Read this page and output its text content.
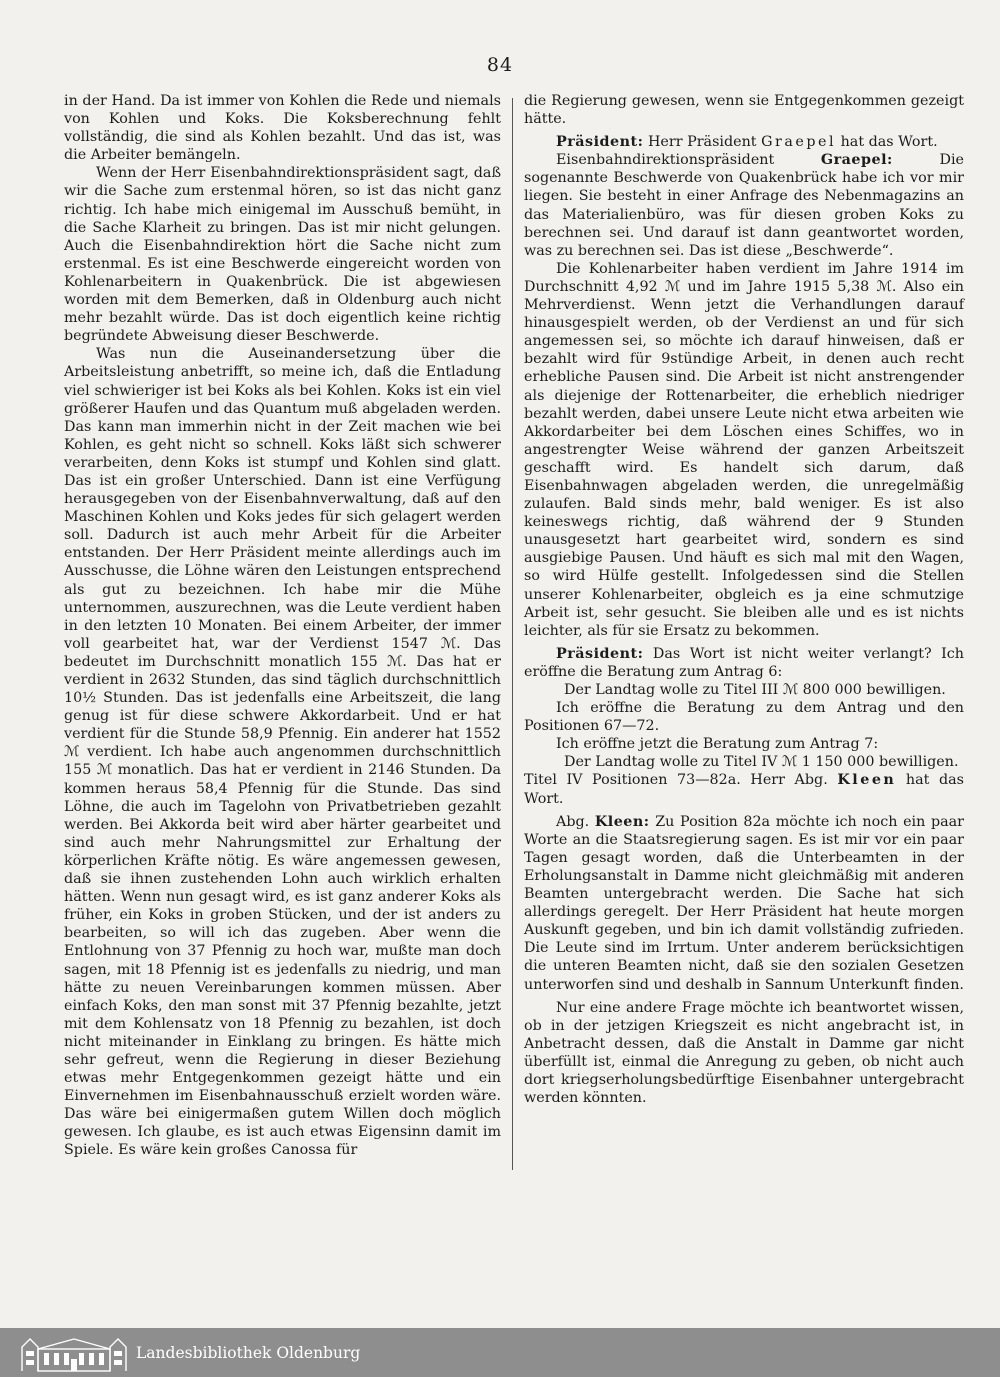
84

in der Hand. Da ist immer von Kohlen die Rede und niemals von Kohlen und Koks. Die Koksberechnung fehlt vollständig, die sind als Kohlen bezahlt. Und das ist, was die Arbeiter bemängeln.

Wenn der Herr Eisenbahndirektionspräsident sagt, daß wir die Sache zum erstenmal hören, so ist das nicht ganz richtig. Ich habe mich einigemal im Ausschuß bemüht, in die Sache Klarheit zu bringen. Das ist mir nicht gelungen. Auch die Eisenbahndirektion hört die Sache nicht zum erstenmal. Es ist eine Beschwerde eingereicht worden von Kohlenarbeitern in Quakenbrück. Die ist abgewiesen worden mit dem Bemerken, daß in Oldenburg auch nicht mehr bezahlt würde. Das ist doch eigentlich keine richtig begründete Abweisung dieser Beschwerde.

Was nun die Auseinandersetzung über die Arbeitsleistung anbetrifft, so meine ich, daß die Entladung viel schwieriger ist bei Koks als bei Kohlen. Koks ist ein viel größerer Haufen und das Quantum muß abgeladen werden. Das kann man immerhin nicht in der Zeit machen wie bei Kohlen, es geht nicht so schnell. Koks läßt sich schwerer verarbeiten, denn Koks ist stumpf und Kohlen sind glatt. Das ist ein großer Unterschied. Dann ist eine Verfügung herausgegeben von der Eisenbahnverwaltung, daß auf den Maschinen Kohlen und Koks jedes für sich gelagert werden soll. Dadurch ist auch mehr Arbeit für die Arbeiter entstanden. Der Herr Präsident meinte allerdings auch im Ausschusse, die Löhne wären den Leistungen entsprechend als gut zu bezeichnen. Ich habe mir die Mühe unternommen, auszurechnen, was die Leute verdient haben in den letzten 10 Monaten. Bei einem Arbeiter, der immer voll gearbeitet hat, war der Verdienst 1547 ℳ. Das bedeutet im Durchschnitt monatlich 155 ℳ. Das hat er verdient in 2632 Stunden, das sind täglich durchschnittlich 10½ Stunden. Das ist jedenfalls eine Arbeitszeit, die lang genug ist für diese schwere Akkordarbeit. Und er hat verdient für die Stunde 58,9 Pfennig. Ein anderer hat 1552 ℳ verdient. Ich habe auch angenommen durchschnittlich 155 ℳ monatlich. Das hat er verdient in 2146 Stunden. Da kommen heraus 58,4 Pfennig für die Stunde. Das sind Löhne, die auch im Tagelohn von Privatbetrieben gezahlt werden. Bei Akkorda beit wird aber härter gearbeitet und sind auch mehr Nahrungsmittel zur Erhaltung der körperlichen Kräfte nötig. Es wäre angemessen gewesen, daß sie ihnen zustehenden Lohn auch wirklich erhalten hätten. Wenn nun gesagt wird, es ist ganz anderer Koks als früher, ein Koks in groben Stücken, und der ist anders zu bearbeiten, so will ich das zugeben. Aber wenn die Entlohnung von 37 Pfennig zu hoch war, mußte man doch sagen, mit 18 Pfennig ist es jedenfalls zu niedrig, und man hätte zu neuen Vereinbarungen kommen müssen. Aber einfach Koks, den man sonst mit 37 Pfennig bezahlte, jetzt mit dem Kohlensatz von 18 Pfennig zu bezahlen, ist doch nicht miteinander in Einklang zu bringen. Es hätte mich sehr gefreut, wenn die Regierung in dieser Beziehung etwas mehr Entgegenkommen gezeigt hätte und ein Einvernehmen im Eisenbahnausschuß erzielt worden wäre. Das wäre bei einigermaßen gutem Willen doch möglich gewesen. Ich glaube, es ist auch etwas Eigensinn damit im Spiele. Es wäre kein großes Canossa für

die Regierung gewesen, wenn sie Entgegenkommen gezeigt hätte.

Präsident: Herr Präsident Graepel hat das Wort.

Eisenbahndirektionspräsident	Graepel:	Die sogenannte Beschwerde von Quakenbrück habe ich vor mir liegen. Sie besteht in einer Anfrage des Nebenmagazins an das Materialienbüro, was für diesen groben Koks zu berechnen sei. Und darauf ist dann geantwortet worden, was zu berechnen sei. Das ist diese „Beschwerde“.

Die Kohlenarbeiter haben verdient im Jahre 1914 im Durchschnitt 4,92 ℳ und im Jahre 1915 5,38 ℳ. Also ein Mehrverdienst. Wenn jetzt die Verhandlungen darauf hinausgespielt werden, ob der Verdienst an und für sich angemessen sei, so möchte ich darauf hinweisen, daß er bezahlt wird für 9stündige Arbeit, in denen auch recht erhebliche Pausen sind. Die Arbeit ist nicht anstrengender als diejenige der Rottenarbeiter, die erheblich niedriger bezahlt werden, dabei unsere Leute nicht etwa arbeiten wie Akkordarbeiter bei dem Löschen eines Schiffes, wo in angestrengter Weise während der ganzen Arbeitszeit geschafft wird. Es handelt sich darum, daß Eisenbahnwagen abgeladen werden, die unregelmäßig zulaufen. Bald sinds mehr, bald weniger. Es ist also keineswegs richtig, daß während der 9 Stunden unausgesetzt hart gearbeitet wird, sondern es sind ausgiebige Pausen. Und häuft es sich mal mit den Wagen, so wird Hülfe gestellt. Infolgedessen sind die Stellen unserer Kohlenarbeiter, obgleich es ja eine schmutzige Arbeit ist, sehr gesucht. Sie bleiben alle und es ist nichts leichter, als für sie Ersatz zu bekommen.

Präsident: Das Wort ist nicht weiter verlangt? Ich eröffne die Beratung zum Antrag 6:

Der Landtag wolle zu Titel III ℳ 800 000 bewilligen.

Ich eröffne die Beratung zu dem Antrag und den Positionen 67—72.

Ich eröffne jetzt die Beratung zum Antrag 7:

Der Landtag wolle zu Titel IV ℳ 1 150 000 bewilligen.

Titel IV Positionen 73—82a. Herr Abg. Kleen hat das Wort.

Abg. Kleen: Zu Position 82a möchte ich noch ein paar Worte an die Staatsregierung sagen. Es ist mir vor ein paar Tagen gesagt worden, daß die Unterbeamten in der Erholungsanstalt in Damme nicht gleichmäßig mit anderen Beamten untergebracht werden. Die Sache hat sich allerdings geregelt. Der Herr Präsident hat heute morgen Auskunft gegeben, und bin ich damit vollständig zufrieden. Die Leute sind im Irrtum. Unter anderem berücksichtigen die unteren Beamten nicht, daß sie den sozialen Gesetzen unterworfen sind und deshalb in Sannum Unterkunft finden.

Nur eine andere Frage möchte ich beantwortet wissen, ob in der jetzigen Kriegszeit es nicht angebracht ist, in Anbetracht dessen, daß die Anstalt in Damme gar nicht überfüllt ist, einmal die Anregung zu geben, ob nicht auch dort kriegserholungsbedürftige Eisenbahner untergebracht werden könnten.

Landesbibliothek Oldenburg
